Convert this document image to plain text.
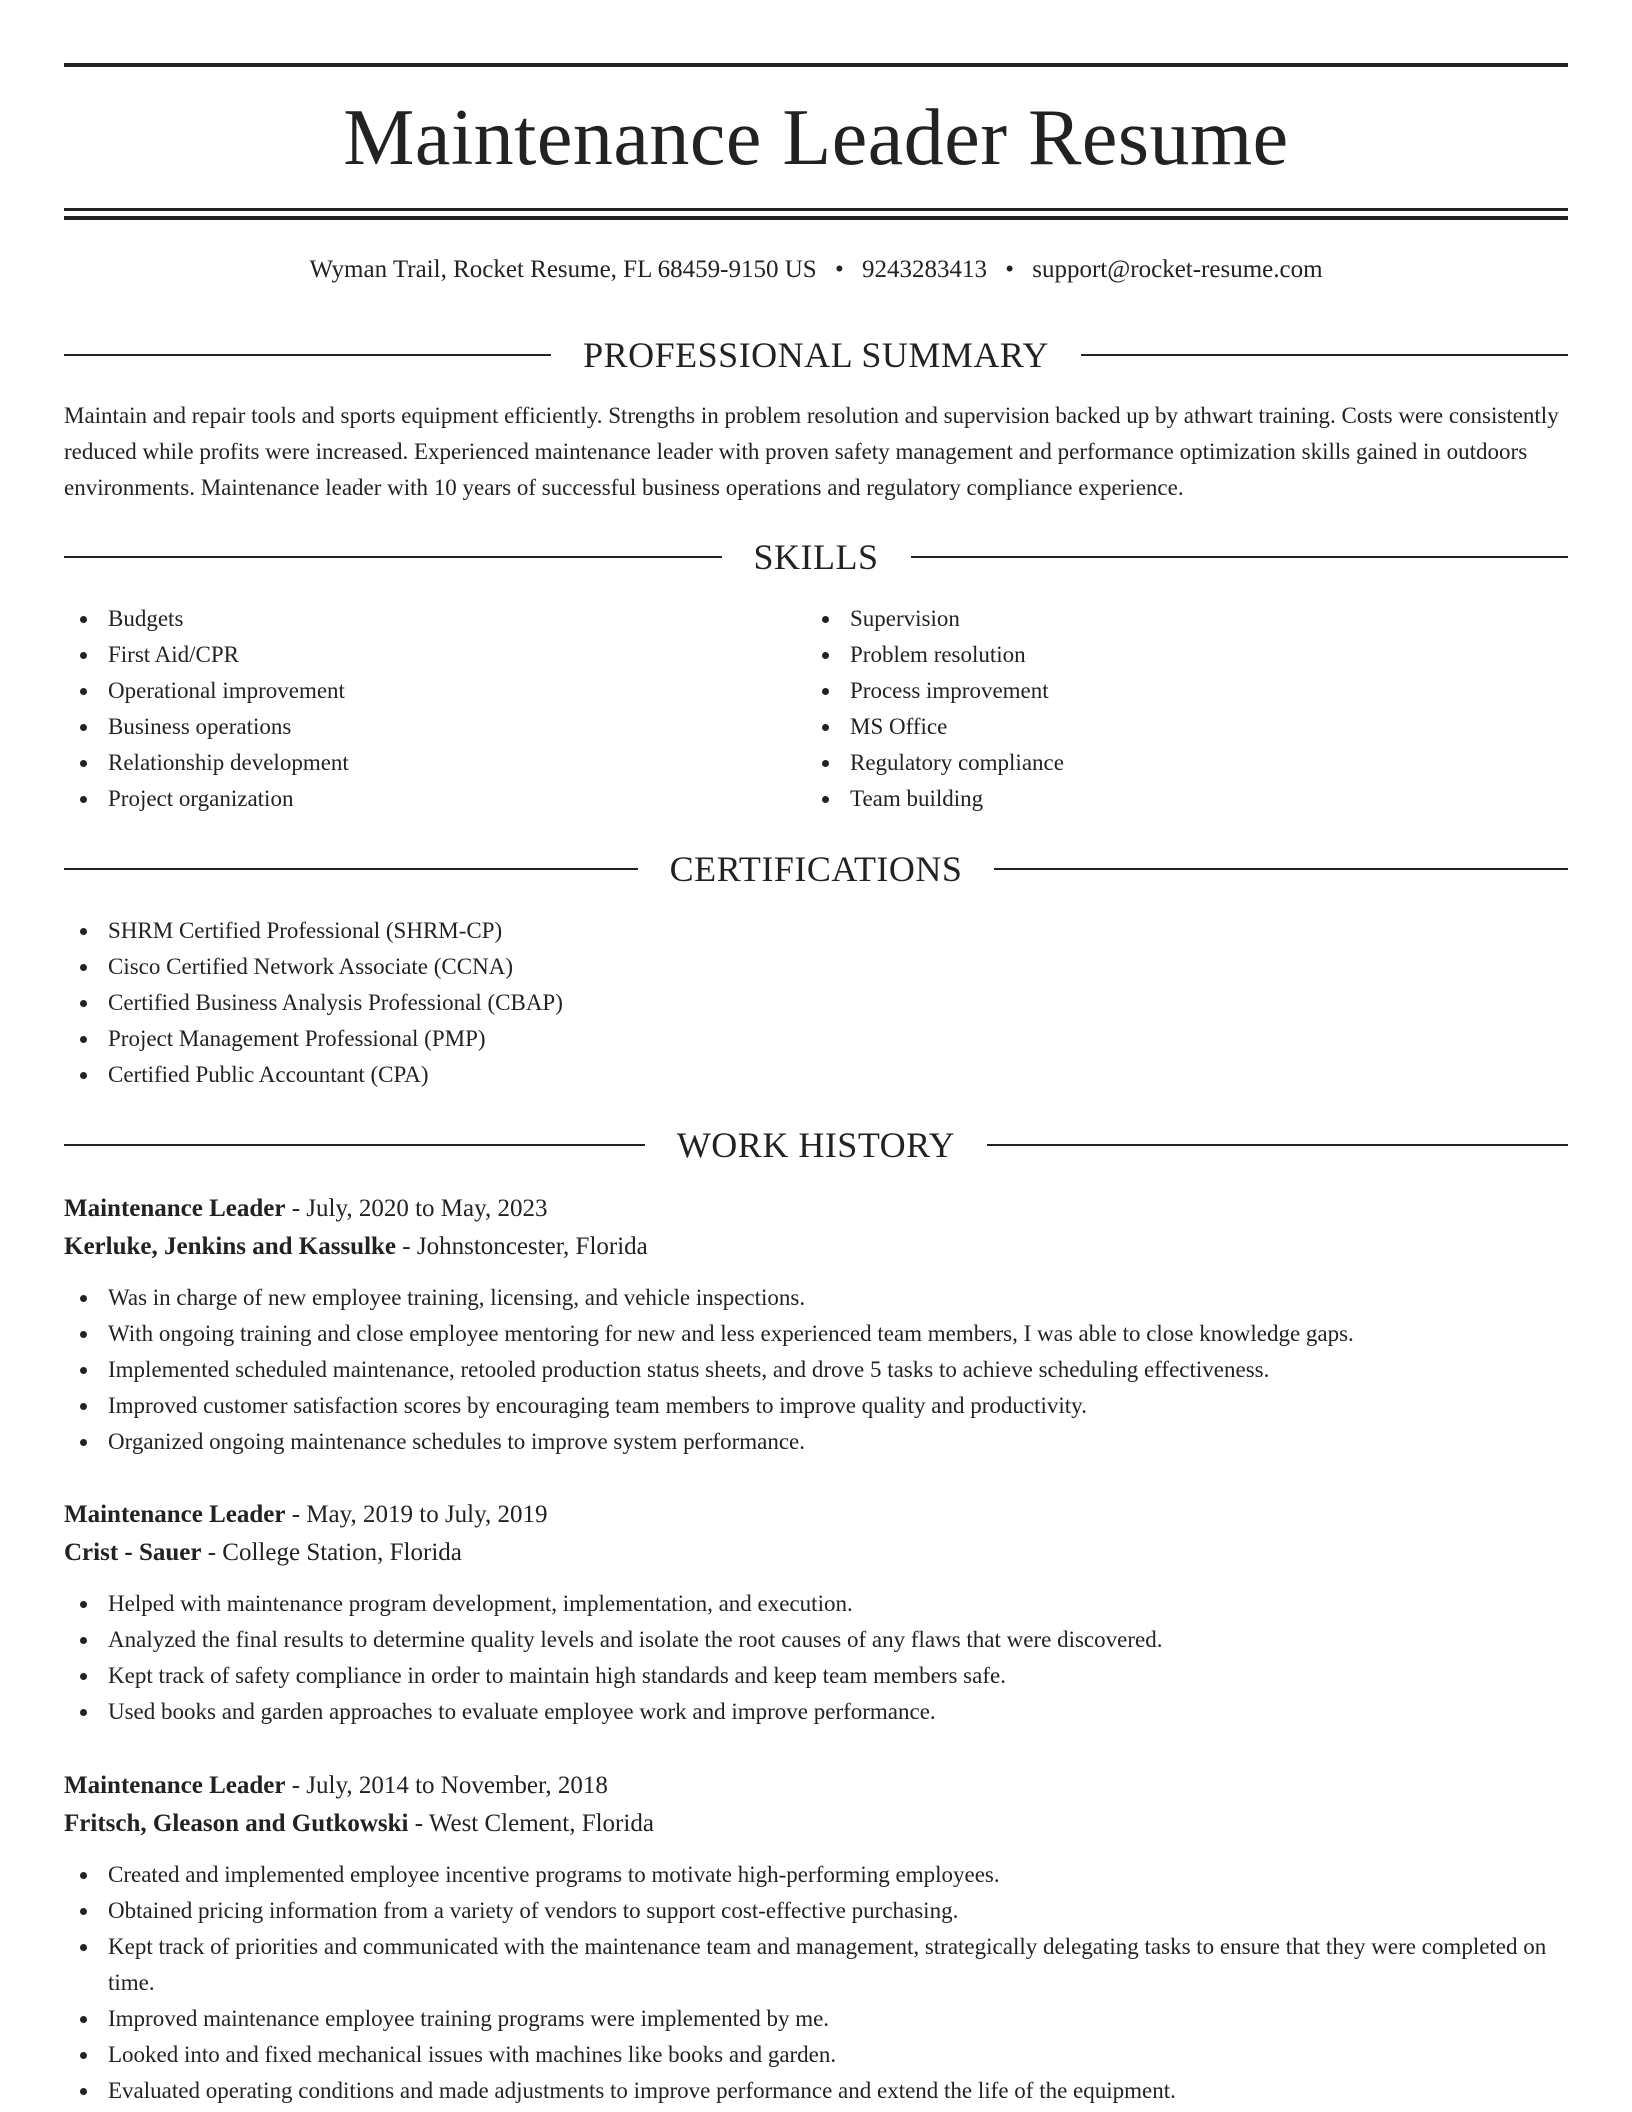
Maintenance Leader Resume
Wyman Trail, Rocket Resume, FL 68459-9150 US • 9243283413 • support@rocket-resume.com
PROFESSIONAL SUMMARY

Maintain and repair tools and sports equipment efficiently. Strengths in problem resolution and supervision backed up by athwart training. Costs were consistently reduced while profits were increased. Experienced maintenance leader with proven safety management and performance optimization skills gained in outdoors environments. Maintenance leader with 10 years of successful business operations and regulatory compliance experience.

SKILLS
Budgets
First Aid/CPR
Operational improvement
Business operations
Relationship development
Project organization
Supervision
Problem resolution
Process improvement
MS Office
Regulatory compliance
Team building
CERTIFICATIONS
SHRM Certified Professional (SHRM-CP)
Cisco Certified Network Associate (CCNA)
Certified Business Analysis Professional (CBAP)
Project Management Professional (PMP)
Certified Public Accountant (CPA)
WORK HISTORY
Maintenance Leader - July, 2020 to May, 2023
Kerluke, Jenkins and Kassulke - Johnstoncester, Florida
Was in charge of new employee training, licensing, and vehicle inspections.
With ongoing training and close employee mentoring for new and less experienced team members, I was able to close knowledge gaps.
Implemented scheduled maintenance, retooled production status sheets, and drove 5 tasks to achieve scheduling effectiveness.
Improved customer satisfaction scores by encouraging team members to improve quality and productivity.
Organized ongoing maintenance schedules to improve system performance.
Maintenance Leader - May, 2019 to July, 2019
Crist - Sauer - College Station, Florida
Helped with maintenance program development, implementation, and execution.
Analyzed the final results to determine quality levels and isolate the root causes of any flaws that were discovered.
Kept track of safety compliance in order to maintain high standards and keep team members safe.
Used books and garden approaches to evaluate employee work and improve performance.
Maintenance Leader - July, 2014 to November, 2018
Fritsch, Gleason and Gutkowski - West Clement, Florida
Created and implemented employee incentive programs to motivate high-performing employees.
Obtained pricing information from a variety of vendors to support cost-effective purchasing.
Kept track of priorities and communicated with the maintenance team and management, strategically delegating tasks to ensure that they were completed on time.
Improved maintenance employee training programs were implemented by me.
Looked into and fixed mechanical issues with machines like books and garden.
Evaluated operating conditions and made adjustments to improve performance and extend the life of the equipment.
